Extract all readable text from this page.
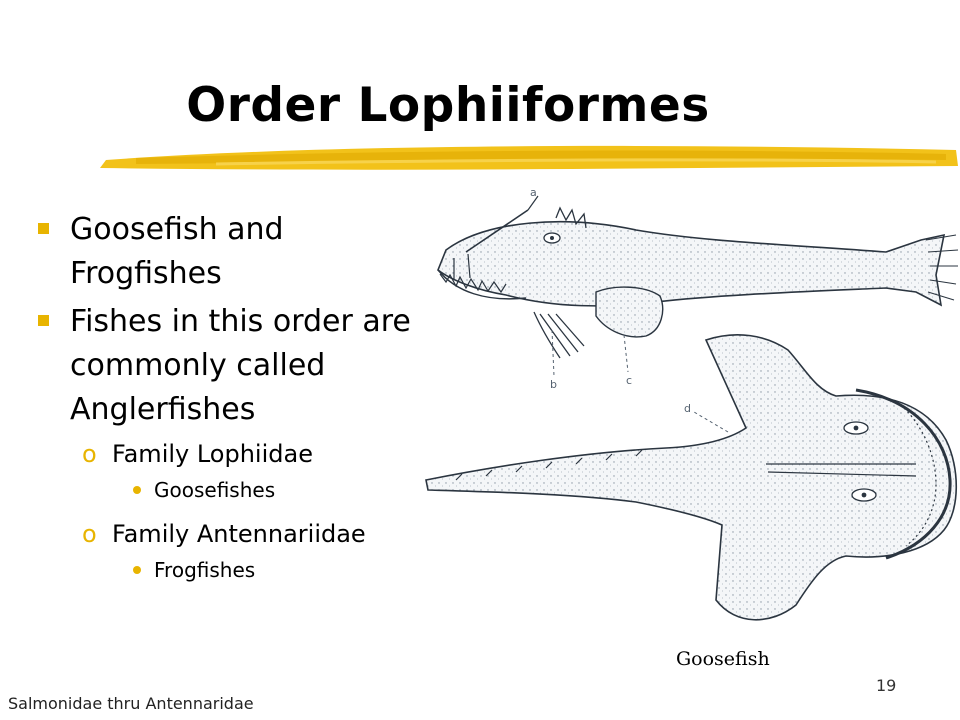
Order Lophiiformes
Goosefish and Frogfishes
Fishes in this order are commonly called Anglerfishes
o Family Lophiidae
Goosefishes
o Family Antennariidae
Frogfishes
a
b	c
d
Goosefish
19
Salmonidae thru Antennaridae
